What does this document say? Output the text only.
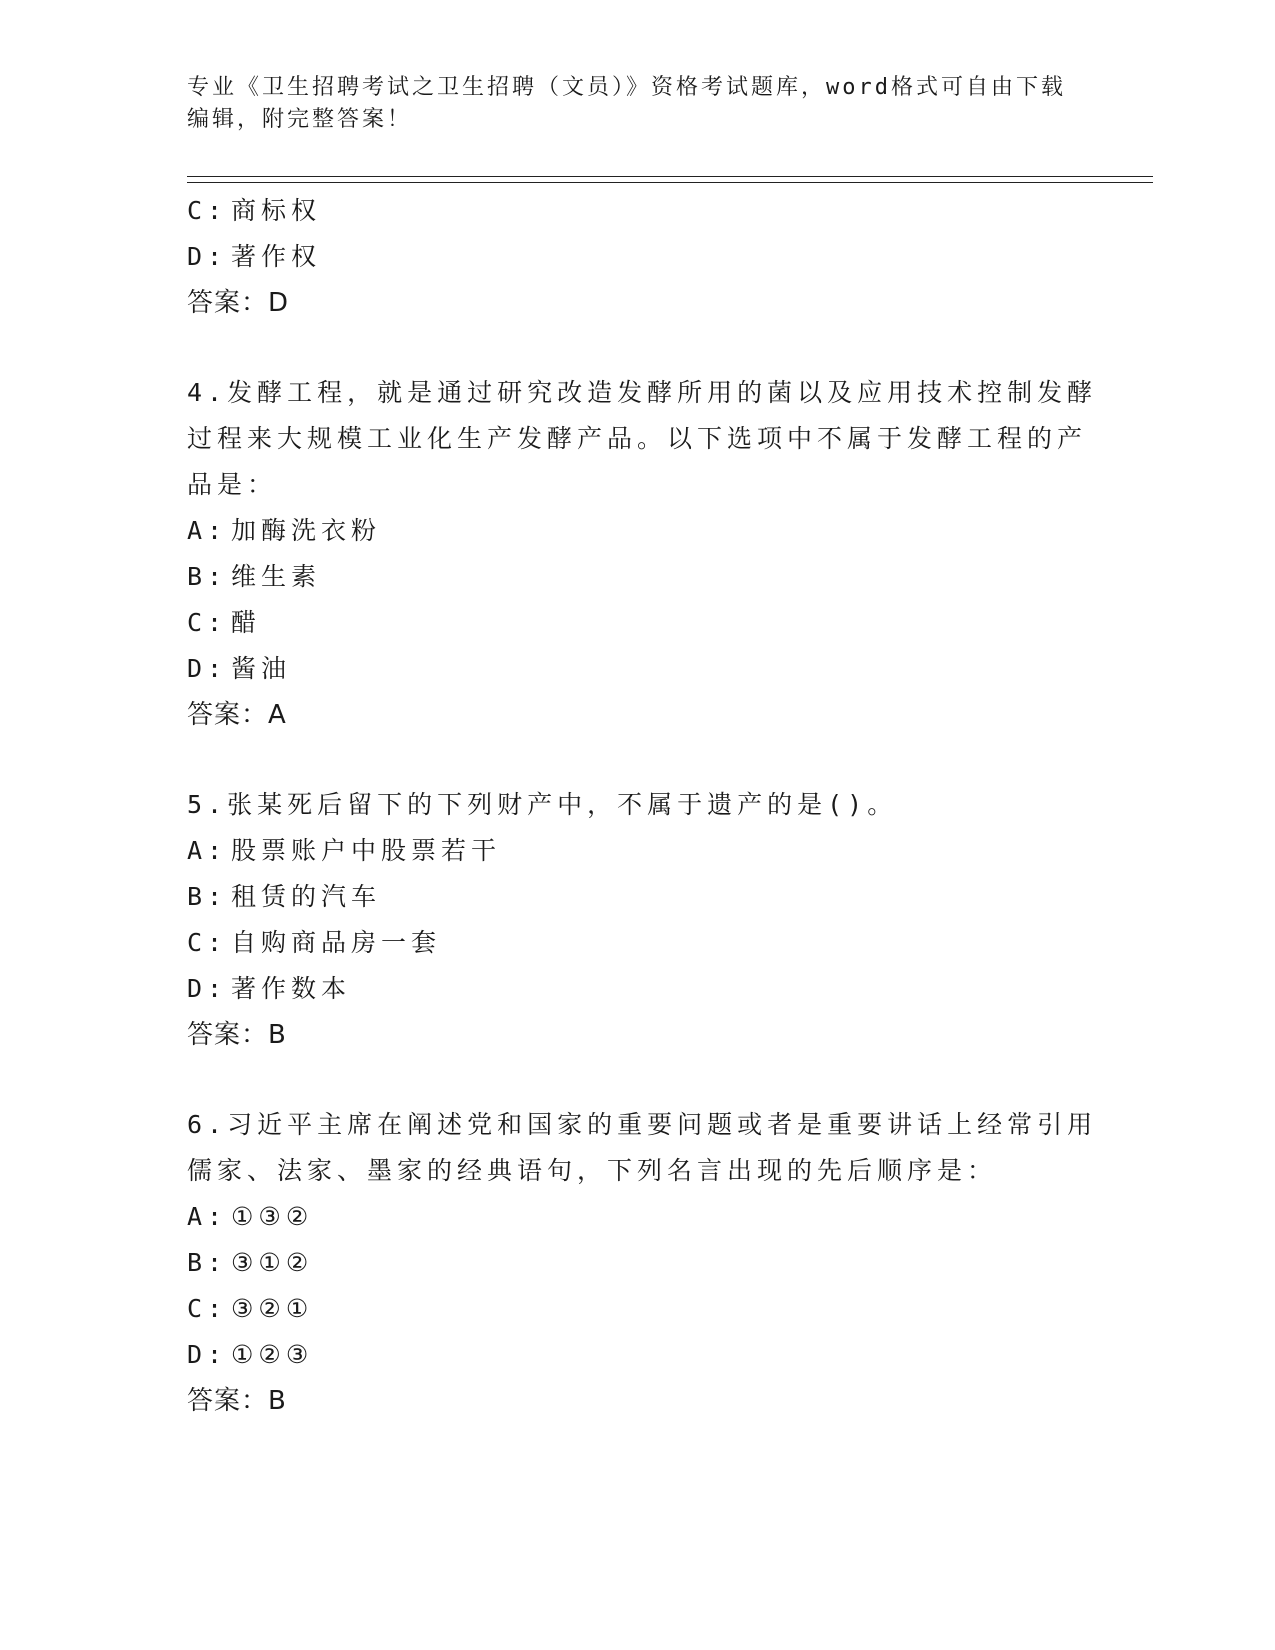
专业《卫生招聘考试之卫生招聘（文员）》资格考试题库，word格式可自由下载编辑，附完整答案！
C: 商标权
D: 著作权
答案：D
4.发酵工程，就是通过研究改造发酵所用的菌以及应用技术控制发酵
过程来大规模工业化生产发酵产品。以下选项中不属于发酵工程的产
品是：
A: 加酶洗衣粉
B: 维生素
C: 醋
D: 酱油
答案：A
5.张某死后留下的下列财产中，不属于遗产的是()。
A: 股票账户中股票若干
B: 租赁的汽车
C: 自购商品房一套
D: 著作数本
答案：B
6.习近平主席在阐述党和国家的重要问题或者是重要讲话上经常引用
儒家、法家、墨家的经典语句，下列名言出现的先后顺序是：
A: ①③②
B: ③①②
C: ③②①
D: ①②③
答案：B
